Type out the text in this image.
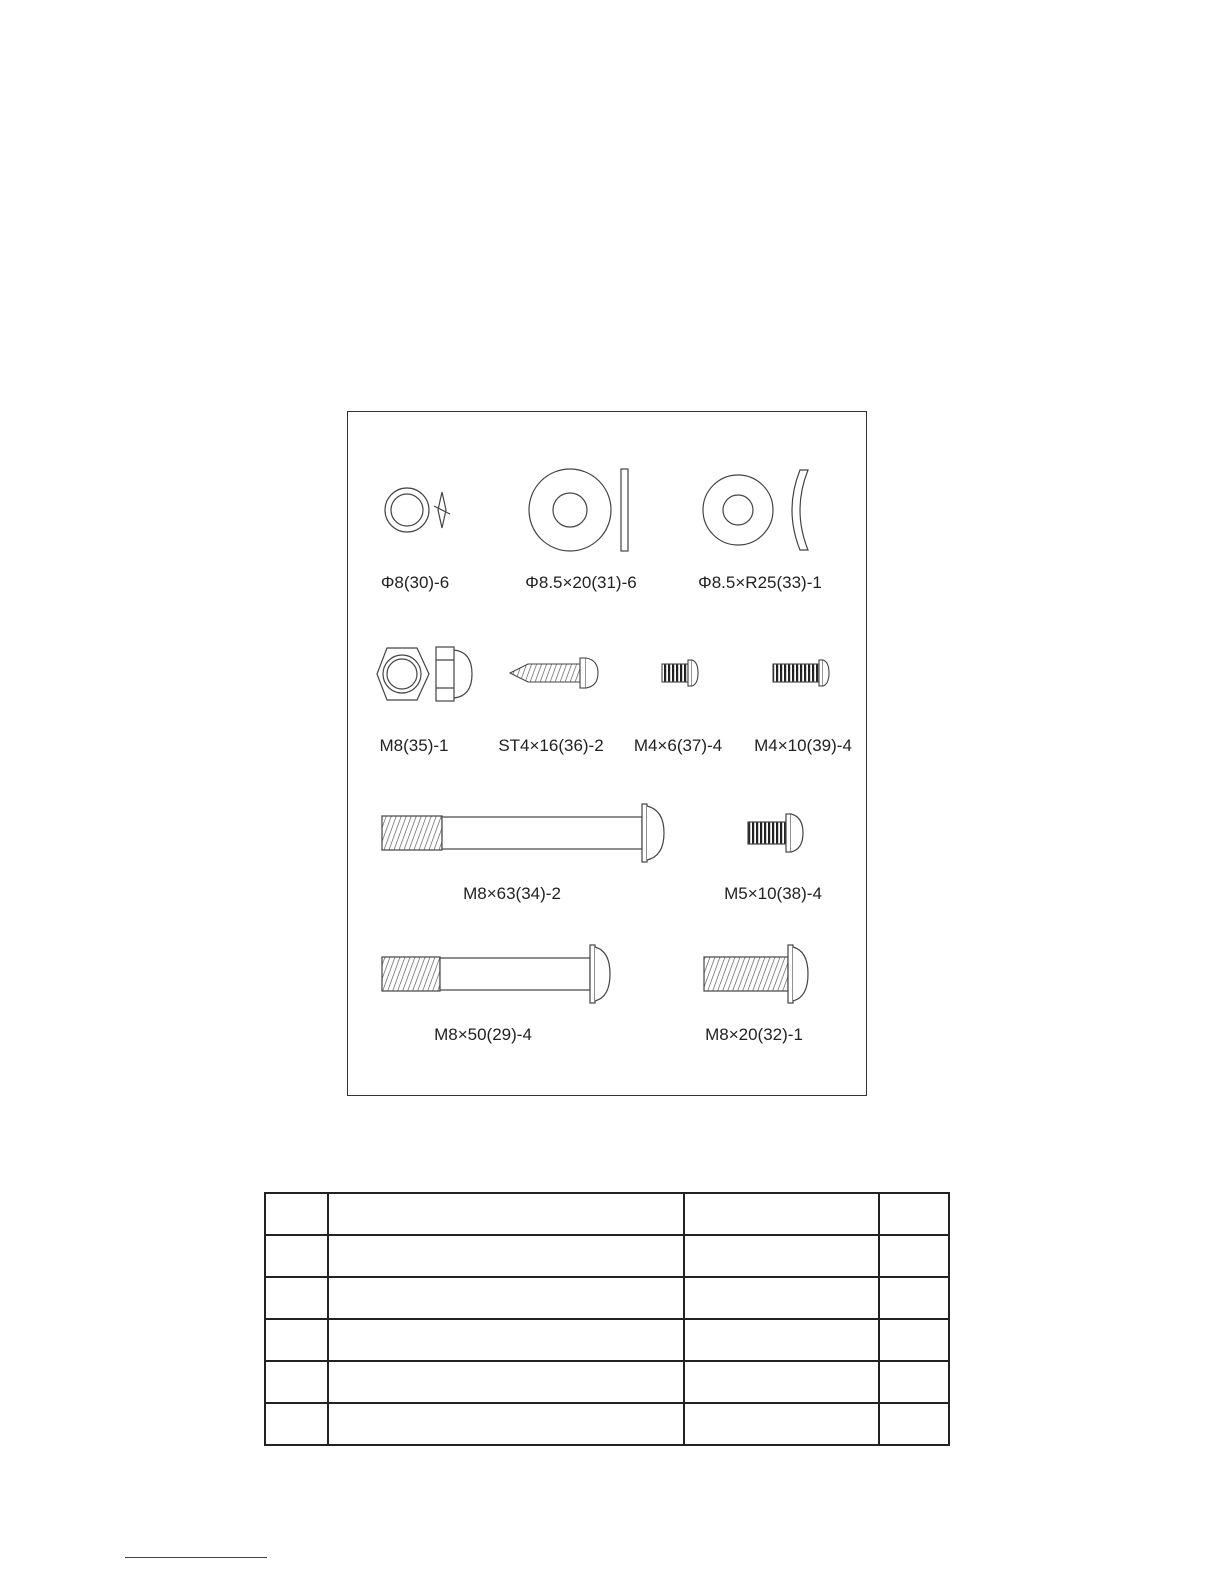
Φ8(30)-6	Φ8.5×20(31)-6	Φ8.5×R25(33)-1
M8(35)-1	ST4×16(36)-2 M4×6(37)-4 M4×10(39)-4
M8×63(34)-2	M5×10(38)-4
M8×50(29)-4	M8×20(32)-1
